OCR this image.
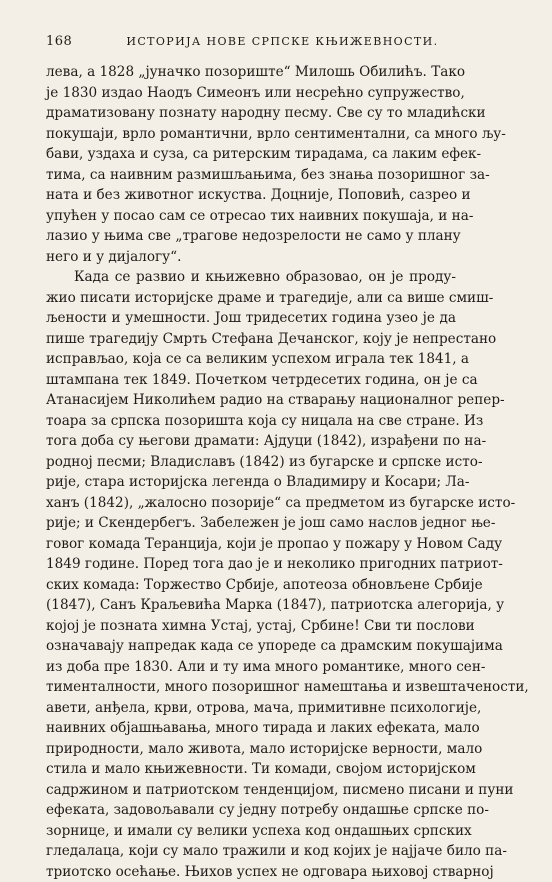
168	ИСТОРИЈА НОВЕ СРПСКЕ КЊИЖЕВНОСТИ.
лева, а 1828 „јуначко позориште“ Милошь Обилићъ. Тако
је 1830 издао Наодъ Симеонъ или несрећно супружество,
драматизовану познату народну песму. Све су то младићски
покушаји, врло романтични, врло сентиментални, са много љу-
бави, уздаха и суза, са ритерским тирадама, са лаким ефек-
тима, са наивним размишљањима, без знања позоришног за-
ната и без животног искуства. Доцније, Поповић, сазрео и
упућен у посао сам се отресао тих наивних покушаја, и на-
лазио у њима све „трагове недозрелости не само у плану
него и у дијалогу“.
Када се развио и књижевно образовао, он је проду-
жио писати историјске драме и трагедије, али са више смиш-
љености и умешности. Још тридесетих година узео је да
пише трагедију Смрть Стефана Дечанског, коју је непрестано
исправљао, која се са великим успехом играла тек 1841, а
штампана тек 1849. Почетком четрдесетих година, он је са
Атанасијем Николићем радио на стварању националног репер-
тоара за српска позоришта која су ницала на све стране. Из
тога доба су његови драмати: Ајдуци (1842), израђени по на-
родној песми; Владиславъ (1842) из бугарске и српске исто-
рије, стара историјска легенда о Владимиру и Косари; Ла-
ханъ (1842), „жалосно позорије“ са предметом из бугарске исто-
рије; и Скендербегъ. Забележен је још само наслов једног ње-
говог комада Теранција, који је пропао у пожару у Новом Саду
1849 године. Поред тога дао је и неколико пригодних патриот-
ских комада: Торжество Србије, апотеоза обновљене Србије
(1847), Санъ Краљевића Марка (1847), патриотска алегорија, у
којој је позната химна Устај, устај, Србине! Сви ти послови
означавају напредак када се упореде са драмским покушајима
из доба пре 1830. Али и ту има много романтике, много сен-
тименталности, много позоришног намештања и извештачености,
авети, анђела, крви, отрова, мача, примитивне психологије,
наивних објашњавања, много тирада и лаких ефеката, мало
природности, мало живота, мало историјске верности, мало
стила и мало књижевности. Ти комади, својом историјском
садржином и патриотском тенденцијом, писмено писани и пуни
ефеката, задовољавали су једну потребу ондашње српске по-
зорнице, и имали су велики успеха код ондашњих српских
гледалаца, који су мало тражили и код којих је најјаче било па-
триотско осећање. Њихов успех не одговара њиховој стварној
